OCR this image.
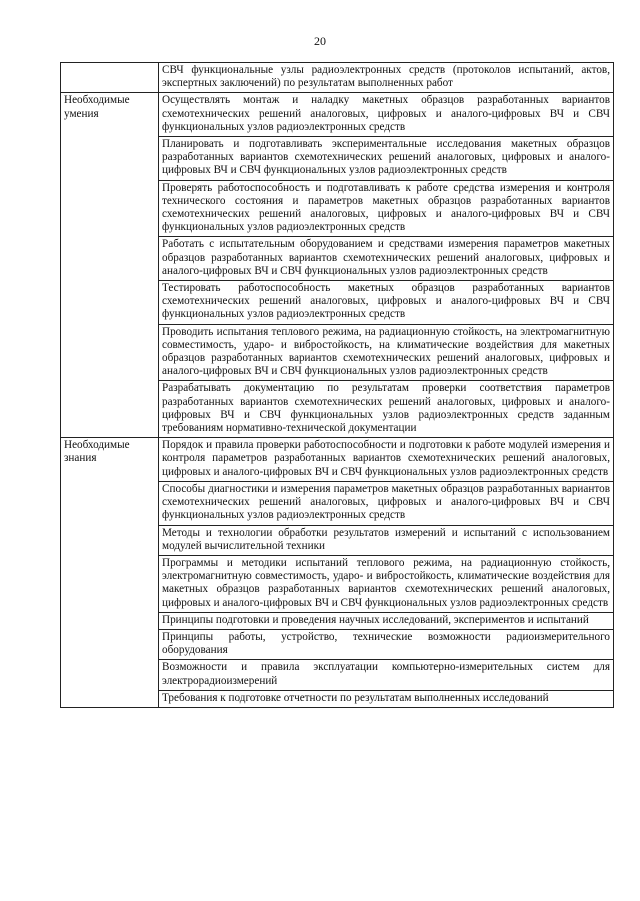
20
	СВЧ функциональные узлы радиоэлектронных средств (протоколов испытаний, актов, экспертных заключений) по результатам выполненных работ
Необходимые умения	Осуществлять монтаж и наладку макетных образцов разработанных вариантов схемотехнических решений аналоговых, цифровых и аналого-цифровых ВЧ и СВЧ функциональных узлов радиоэлектронных средств
	Планировать и подготавливать экспериментальные исследования макетных образцов разработанных вариантов схемотехнических решений аналоговых, цифровых и аналого-цифровых ВЧ и СВЧ функциональных узлов радиоэлектронных средств
	Проверять работоспособность и подготавливать к работе средства измерения и контроля технического состояния и параметров макетных образцов разработанных вариантов схемотехнических решений аналоговых, цифровых и аналого-цифровых ВЧ и СВЧ функциональных узлов радиоэлектронных средств
	Работать с испытательным оборудованием и средствами измерения параметров макетных образцов разработанных вариантов схемотехнических решений аналоговых, цифровых и аналого-цифровых ВЧ и СВЧ функциональных узлов радиоэлектронных средств
	Тестировать работоспособность макетных образцов разработанных вариантов схемотехнических решений аналоговых, цифровых и аналого-цифровых ВЧ и СВЧ функциональных узлов радиоэлектронных средств
	Проводить испытания теплового режима, на радиационную стойкость, на электромагнитную совместимость, ударо- и вибростойкость, на климатические воздействия для макетных образцов разработанных вариантов схемотехнических решений аналоговых, цифровых и аналого-цифровых ВЧ и СВЧ функциональных узлов радиоэлектронных средств
	Разрабатывать документацию по результатам проверки соответствия параметров разработанных вариантов схемотехнических решений аналоговых, цифровых и аналого-цифровых ВЧ и СВЧ функциональных узлов радиоэлектронных средств заданным требованиям нормативно-технической документации
Необходимые знания	Порядок и правила проверки работоспособности и подготовки к работе модулей измерения и контроля параметров разработанных вариантов схемотехнических решений аналоговых, цифровых и аналого-цифровых ВЧ и СВЧ функциональных узлов радиоэлектронных средств
	Способы диагностики и измерения параметров макетных образцов разработанных вариантов схемотехнических решений аналоговых, цифровых и аналого-цифровых ВЧ и СВЧ функциональных узлов радиоэлектронных средств
	Методы и технологии обработки результатов измерений и испытаний с использованием модулей вычислительной техники
	Программы и методики испытаний теплового режима, на радиационную стойкость, электромагнитную совместимость, ударо- и вибростойкость, климатические воздействия для макетных образцов разработанных вариантов схемотехнических решений аналоговых, цифровых и аналого-цифровых ВЧ и СВЧ функциональных узлов радиоэлектронных средств
	Принципы подготовки и проведения научных исследований, экспериментов и испытаний
	Принципы работы, устройство, технические возможности радиоизмерительного оборудования
	Возможности и правила эксплуатации компьютерно-измерительных систем для электрорадиоизмерений
	Требования к подготовке отчетности по результатам выполненных исследований
